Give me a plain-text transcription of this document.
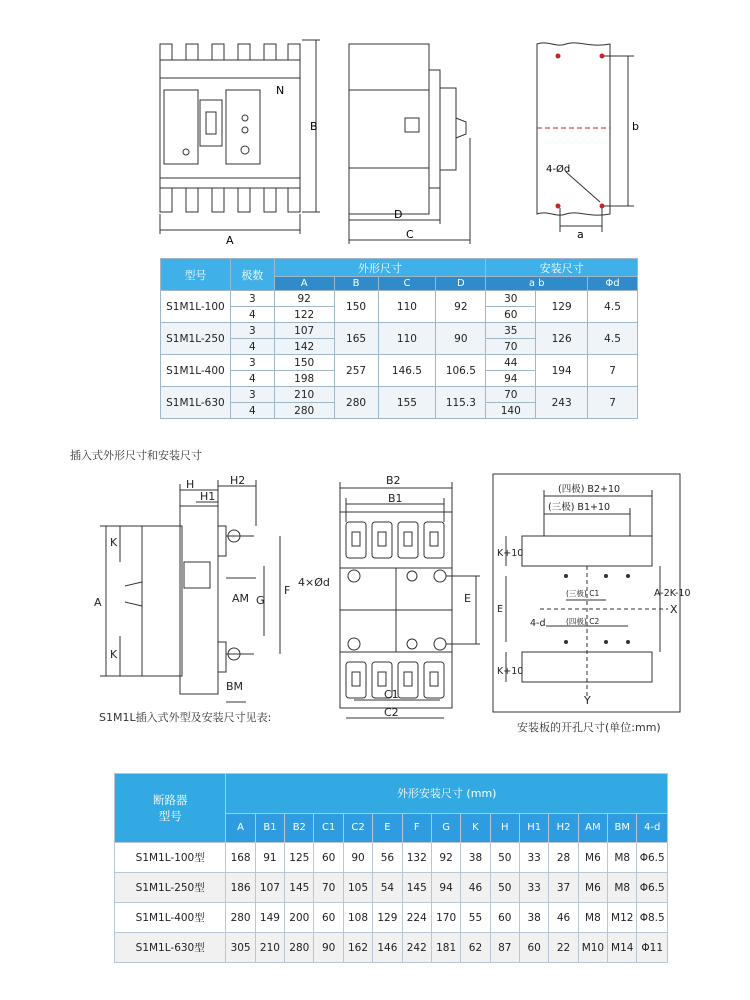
N
A
B
D
C
b
a
4-Ød
型号	极数	外形尺寸				安装尺寸		
		A	B	C	D	a b		Φd
S1M1L-100	3	92	150	110	92	30	129	4.5
	4	122				60		
S1M1L-250	3	107	165	110	90	35	126	4.5
	4	142				70		
S1M1L-400	3	150	257	146.5	106.5	44	194	7
	4	198				94		
S1M1L-630	3	210	280	155	115.3	70	243	7
	4	280				140		
插入式外形尺寸和安装尺寸
H	H2
H1
K
K
A	AM G
F
BM
B2
B1
4×Ød
E
C1
C2
(四极) B2+10
(三极) B1+10
K+10
K+10
E
4-d
(三极) C1
(四极) C2
A-2K-10
X
Y
S1M1L插入式外型及安装尺寸见表:
安装板的开孔尺寸(单位:mm)
断路器
型号	外形安装尺寸 (mm)														
	A	B1	B2	C1	C2	E	F	G	K	H	H1	H2	AM	BM	4-d
S1M1L-100型	168	91	125	60	90	56	132	92	38	50	33	28	M6	M8	Φ6.5
S1M1L-250型	186	107	145	70	105	54	145	94	46	50	33	37	M6	M8	Φ6.5
S1M1L-400型	280	149	200	60	108	129	224	170	55	60	38	46	M8	M12	Φ8.5
S1M1L-630型	305	210	280	90	162	146	242	181	62	87	60	22	M10	M14	Φ11
